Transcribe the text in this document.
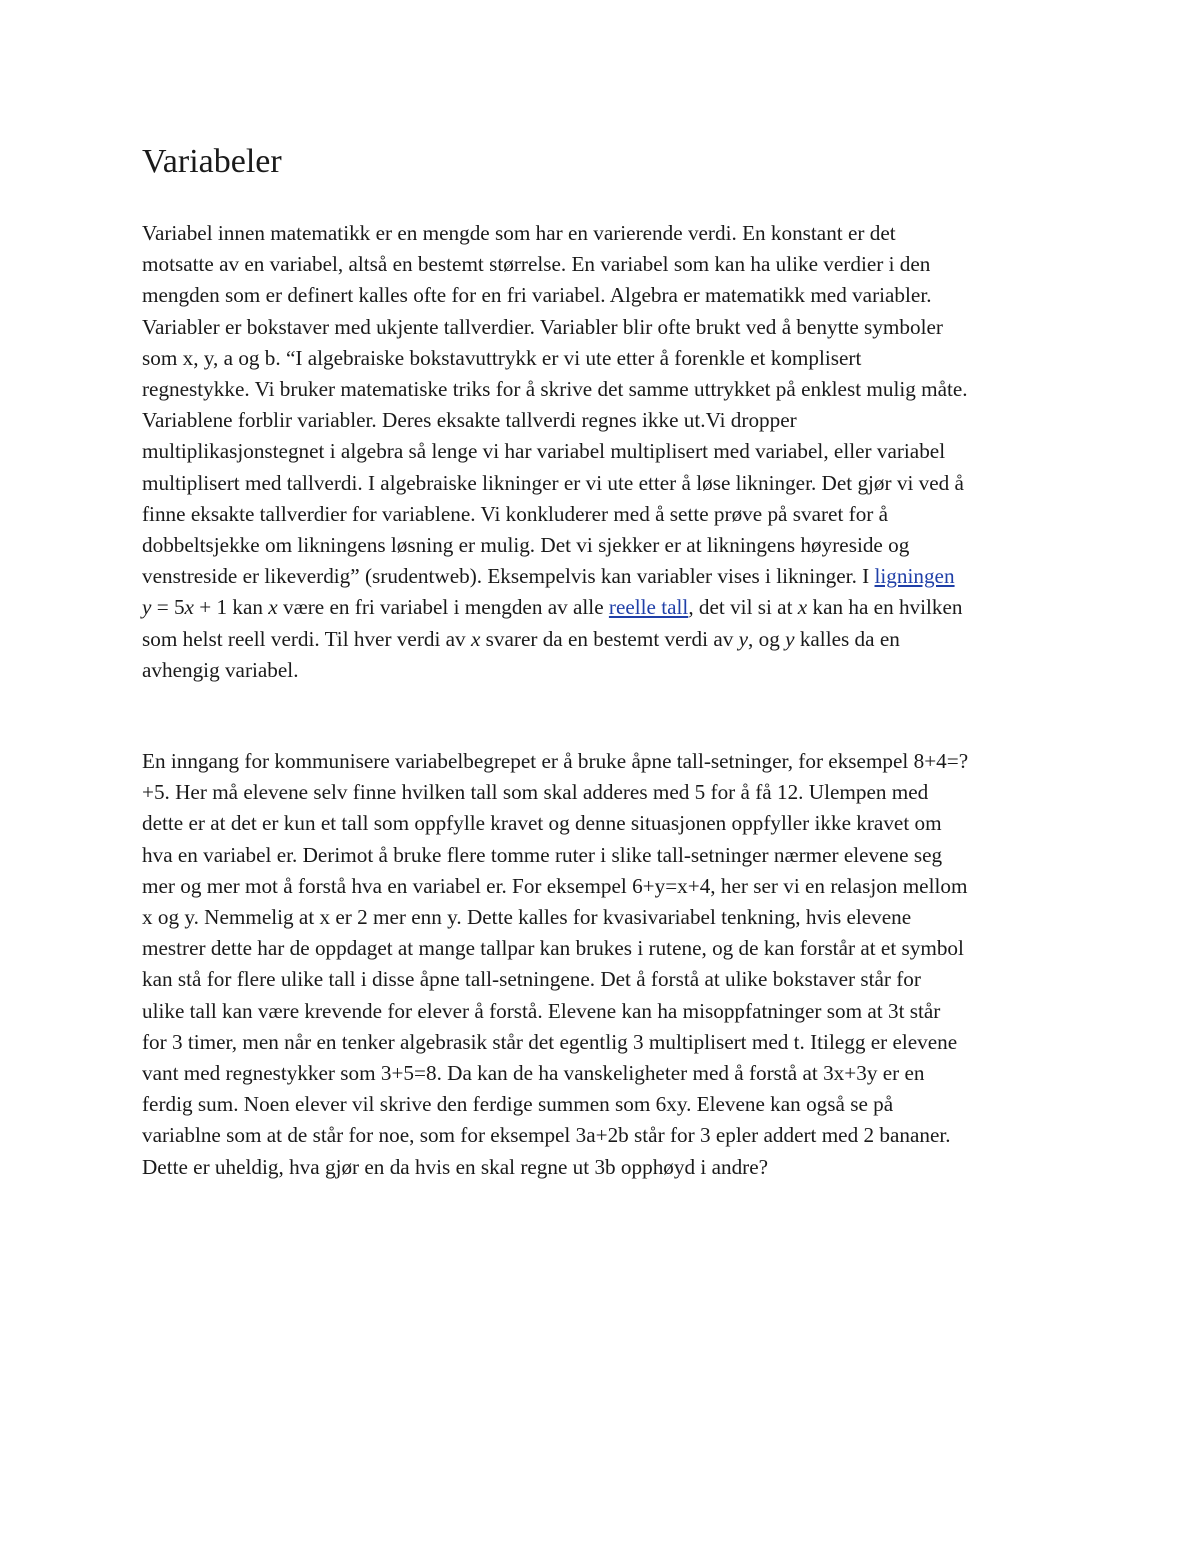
Variabeler

Variabel innen matematikk er en mengde som har en varierende verdi. En konstant er det
motsatte av en variabel, altså en bestemt størrelse. En variabel som kan ha ulike verdier i den
mengden som er definert kalles ofte for en fri variabel. Algebra er matematikk med variabler.
Variabler er bokstaver med ukjente tallverdier. Variabler blir ofte brukt ved å benytte symboler
som x, y, a og b. “I algebraiske bokstavuttrykk er vi ute etter å forenkle et komplisert
regnestykke. Vi bruker matematiske triks for å skrive det samme uttrykket på enklest mulig måte.
Variablene forblir variabler. Deres eksakte tallverdi regnes ikke ut.Vi dropper
multiplikasjonstegnet i algebra så lenge vi har variabel multiplisert med variabel, eller variabel
multiplisert med tallverdi. I algebraiske likninger er vi ute etter å løse likninger. Det gjør vi ved å
finne eksakte tallverdier for variablene. Vi konkluderer med å sette prøve på svaret for å
dobbeltsjekke om likningens løsning er mulig. Det vi sjekker er at likningens høyreside og
venstreside er likeverdig” (srudentweb). Eksempelvis kan variabler vises i likninger. I ligningen
y = 5x + 1 kan x være en fri variabel i mengden av alle reelle tall, det vil si at x kan ha en hvilken
som helst reell verdi. Til hver verdi av x svarer da en bestemt verdi av y, og y kalles da en
avhengig variabel.

En inngang for kommunisere variabelbegrepet er å bruke åpne tall-setninger, for eksempel 8+4=?
+5. Her må elevene selv finne hvilken tall som skal adderes med 5 for å få 12. Ulempen med
dette er at det er kun et tall som oppfylle kravet og denne situasjonen oppfyller ikke kravet om
hva en variabel er. Derimot å bruke flere tomme ruter i slike tall-setninger nærmer elevene seg
mer og mer mot å forstå hva en variabel er. For eksempel 6+y=x+4, her ser vi en relasjon mellom
x og y. Nemmelig at x er 2 mer enn y. Dette kalles for kvasivariabel tenkning, hvis elevene
mestrer dette har de oppdaget at mange tallpar kan brukes i rutene, og de kan forstår at et symbol
kan stå for flere ulike tall i disse åpne tall-setningene. Det å forstå at ulike bokstaver står for
ulike tall kan være krevende for elever å forstå. Elevene kan ha misoppfatninger som at 3t står
for 3 timer, men når en tenker algebrasik står det egentlig 3 multiplisert med t. Itilegg er elevene
vant med regnestykker som 3+5=8. Da kan de ha vanskeligheter med å forstå at 3x+3y er en
ferdig sum. Noen elever vil skrive den ferdige summen som 6xy. Elevene kan også se på
variablne som at de står for noe, som for eksempel 3a+2b står for 3 epler addert med 2 bananer.
Dette er uheldig, hva gjør en da hvis en skal regne ut 3b opphøyd i andre?
